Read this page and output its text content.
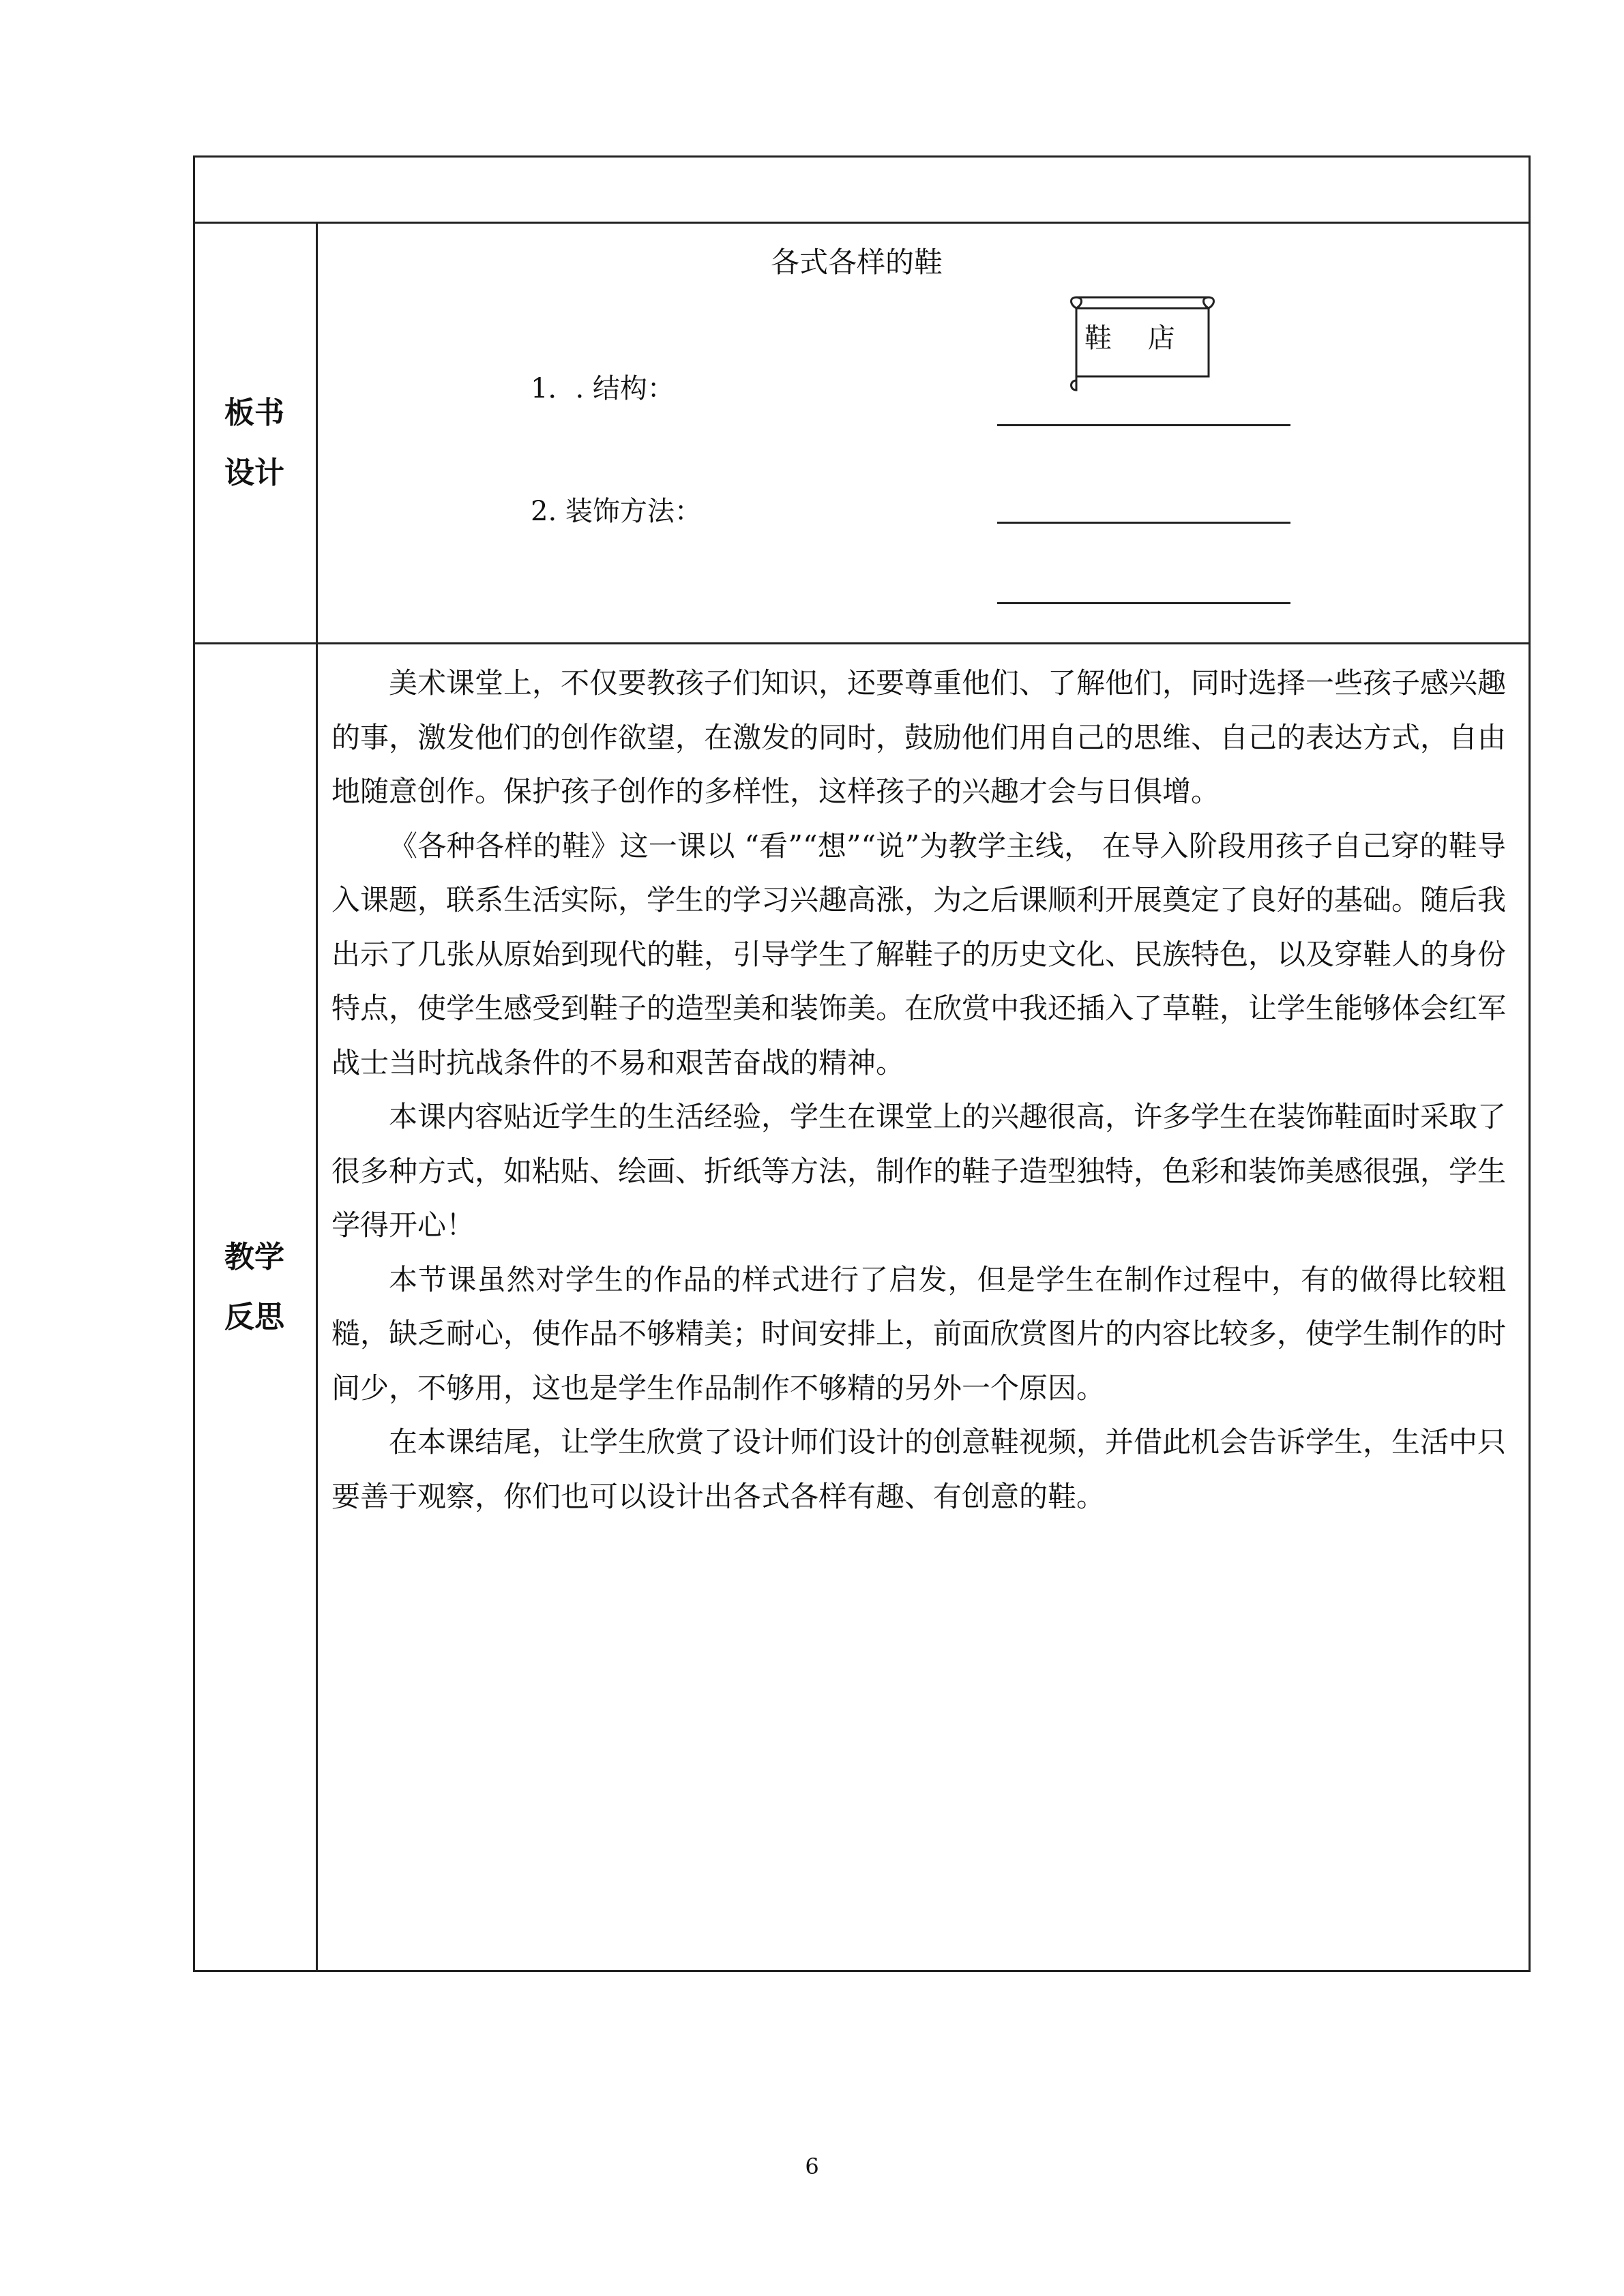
板书
设计
各式各样的鞋
鞋 店
1．. 结构：
2. 装饰方法：
教学
反思

美术课堂上，不仅要教孩子们知识，还要尊重他们、了解他们，同时选择一些孩子感兴趣的事，激发他们的创作欲望，在激发的同时，鼓励他们用自己的思维、自己的表达方式，自由地随意创作。保护孩子创作的多样性，这样孩子的兴趣才会与日俱增。

《各种各样的鞋》这一课以 “看”“想”“说”为教学主线， 在导入阶段用孩子自己穿的鞋导入课题，联系生活实际，学生的学习兴趣高涨，为之后课顺利开展奠定了良好的基础。随后我出示了几张从原始到现代的鞋，引导学生了解鞋子的历史文化、民族特色，以及穿鞋人的身份特点，使学生感受到鞋子的造型美和装饰美。在欣赏中我还插入了草鞋，让学生能够体会红军战士当时抗战条件的不易和艰苦奋战的精神。

本课内容贴近学生的生活经验，学生在课堂上的兴趣很高，许多学生在装饰鞋面时采取了很多种方式，如粘贴、绘画、折纸等方法，制作的鞋子造型独特，色彩和装饰美感很强，学生学得开心！

本节课虽然对学生的作品的样式进行了启发，但是学生在制作过程中，有的做得比较粗糙，缺乏耐心，使作品不够精美；时间安排上，前面欣赏图片的内容比较多，使学生制作的时间少，不够用，这也是学生作品制作不够精的另外一个原因。

在本课结尾，让学生欣赏了设计师们设计的创意鞋视频，并借此机会告诉学生，生活中只要善于观察，你们也可以设计出各式各样有趣、有创意的鞋。

6
